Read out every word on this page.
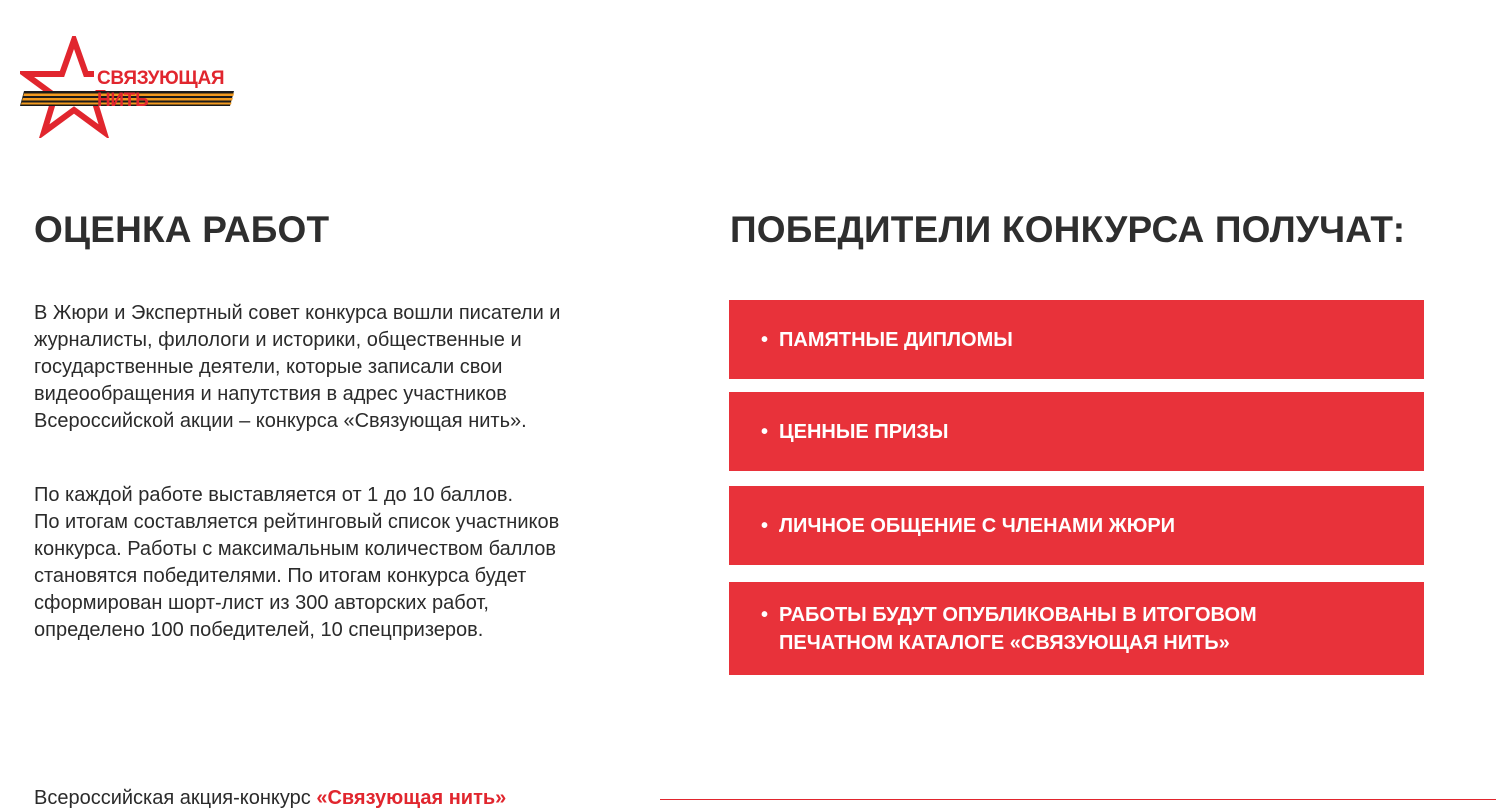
СВЯЗУЮЩАЯ
НИТЬ
ОЦЕНКА РАБОТ
В Жюри и Экспертный совет конкурса вошли писатели и
журналисты, филологи и историки, общественные и
государственные деятели, которые записали свои
видеообращения и напутствия в адрес участников
Всероссийской акции – конкурса «Связующая нить».
По каждой работе выставляется от 1 до 10 баллов.
По итогам составляется рейтинговый список участников
конкурса. Работы с максимальным количеством баллов
становятся победителями. По итогам конкурса будет
сформирован шорт-лист из 300 авторских работ,
определено 100 победителей, 10 спецпризеров.
ПОБЕДИТЕЛИ КОНКУРСА ПОЛУЧАТ:
• ПАМЯТНЫЕ ДИПЛОМЫ
• ЦЕННЫЕ ПРИЗЫ
• ЛИЧНОЕ ОБЩЕНИЕ С ЧЛЕНАМИ ЖЮРИ
• РАБОТЫ БУДУТ ОПУБЛИКОВАНЫ В ИТОГОВОМ
ПЕЧАТНОМ КАТАЛОГЕ «СВЯЗУЮЩАЯ НИТЬ»
Всероссийская акция-конкурс «Связующая нить»
